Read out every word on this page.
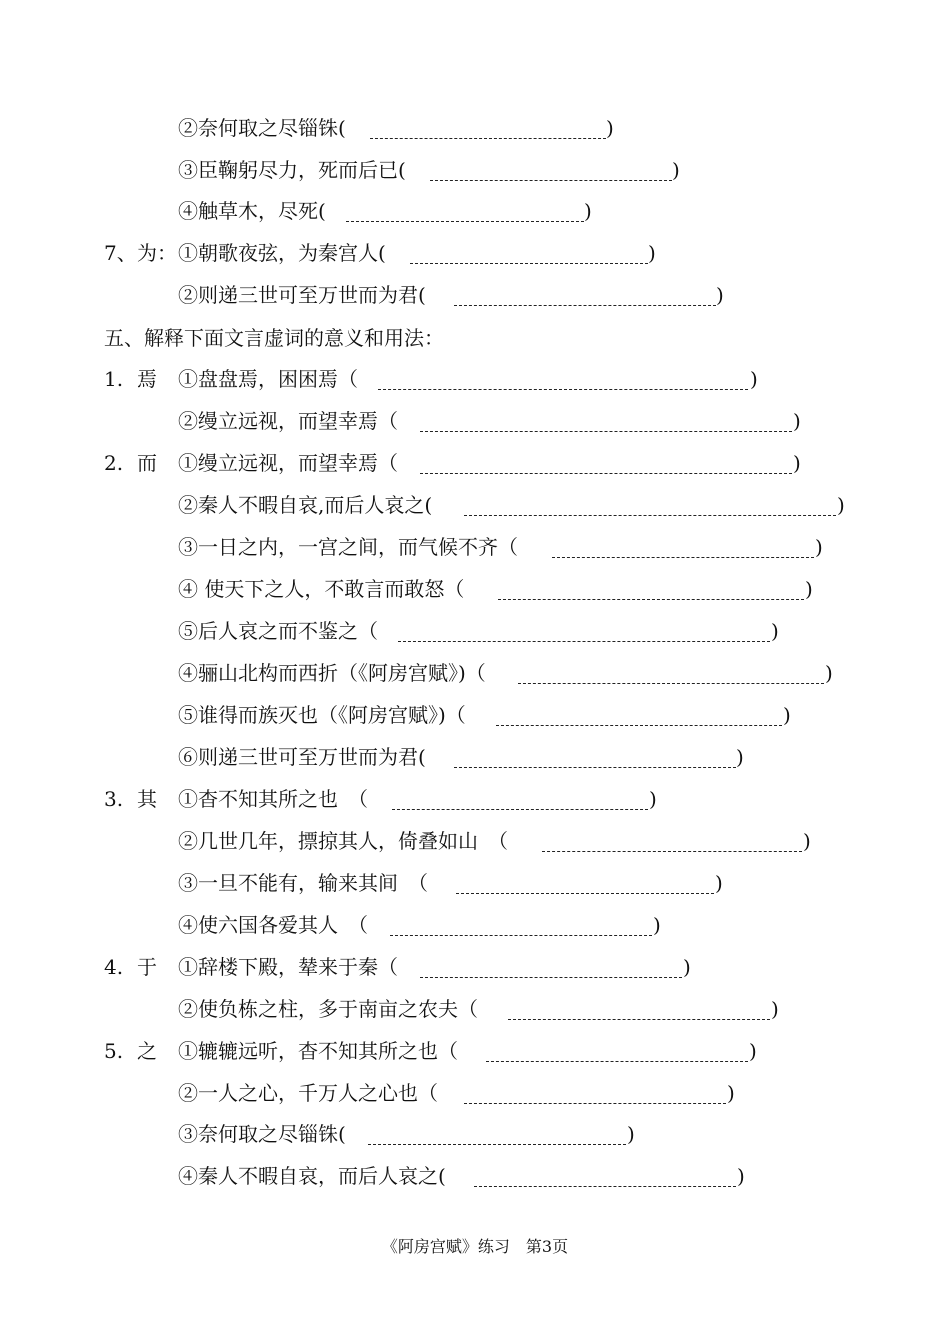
②奈何取之尽锱铢(	)
③臣鞠躬尽力，死而后已(	)
④触草木，尽死(	)
7、 为： ①朝歌夜弦，为秦宫人(	)
②则递三世可至万世而为君(	)
五、解释下面文言虚词的意义和用法：
1. 焉 ①盘盘焉，困困焉（	)
②缦立远视，而望幸焉（	)
2. 而 ①缦立远视，而望幸焉（	)
②秦人不暇自哀,而后人哀之(	)
③一日之内，一宫之间，而气候不齐（	)
④ 使天下之人，不敢言而敢怒（	)
⑤后人哀之而不鉴之（	)
④骊山北构而西折（《阿房宫赋》)（	)
⑤谁得而族灭也（《阿房宫赋》)（	)
⑥则递三世可至万世而为君(	)
3. 其 ①杳不知其所之也　（	)
②几世几年，摽掠其人，倚叠如山　（	)
③一旦不能有，输来其间　（	)
④使六国各爱其人　（	)
4. 于 ①辞楼下殿，辇来于秦（	)
②使负栋之柱，多于南亩之农夫（	)
5. 之 ①辘辘远听，杳不知其所之也（	)
②一人之心，千万人之心也（	)
③奈何取之尽锱铢(	)
④秦人不暇自哀，而后人哀之(	)
《阿房宫赋》练习　第3页
